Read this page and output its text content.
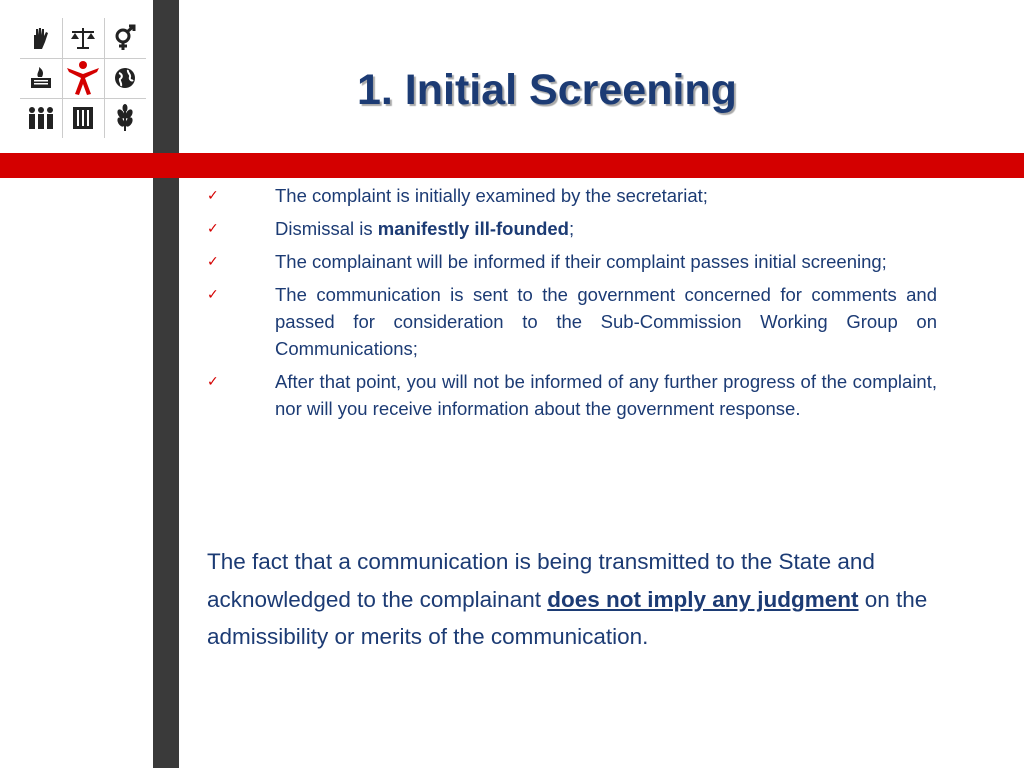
1. Initial Screening
✓	The complaint is initially examined by the secretariat;
✓	Dismissal is manifestly ill-founded;
✓	The complainant will be informed if their complaint passes initial screening;
✓	The communication is sent to the government concerned for comments and passed for consideration to the Sub-Commission Working Group on Communications;
✓	After that point, you will not be informed of any further progress of the complaint, nor will you receive information about the government response.

The fact that a communication is being transmitted to the State and acknowledged to the complainant does not imply any judgment on the admissibility or merits of the communication.
